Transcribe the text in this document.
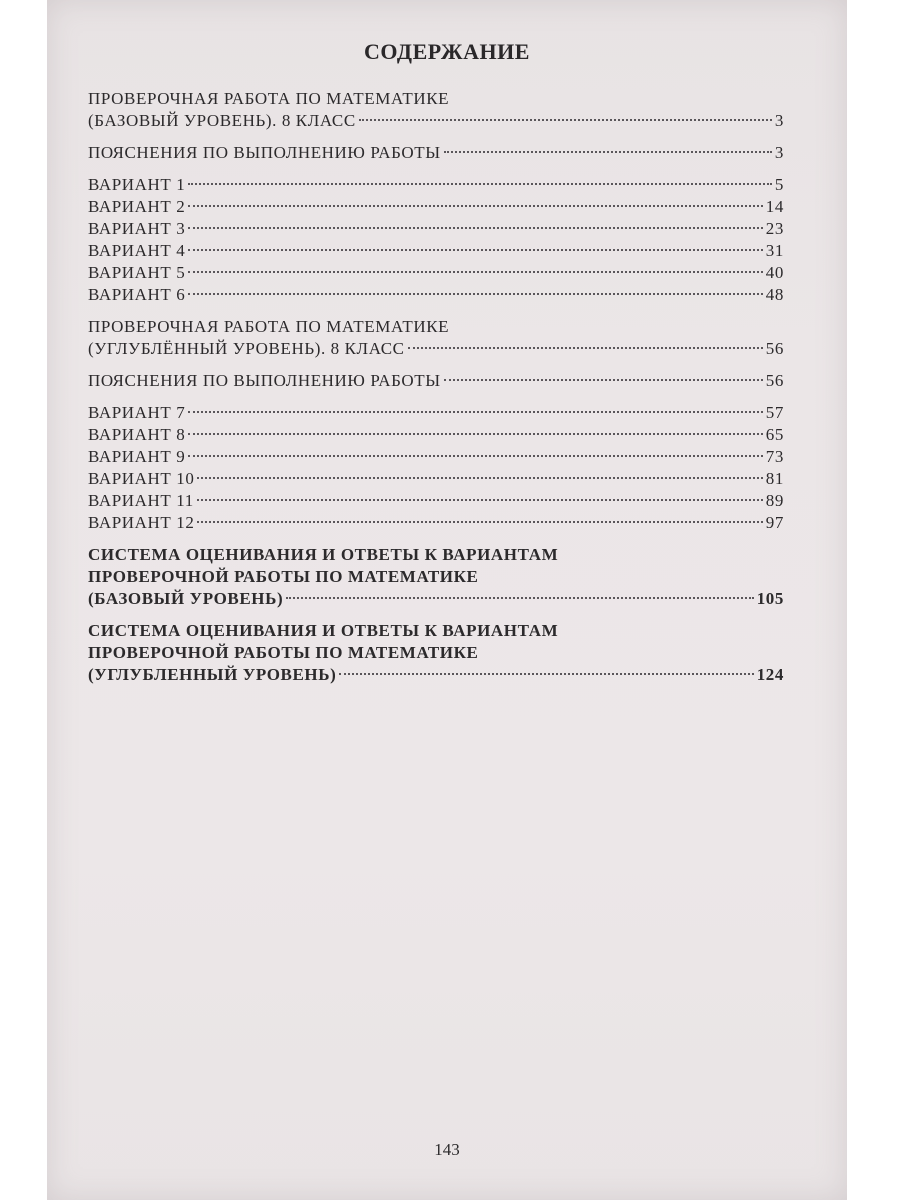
СОДЕРЖАНИЕ
ПРОВЕРОЧНАЯ РАБОТА ПО МАТЕМАТИКЕ
(БАЗОВЫЙ УРОВЕНЬ). 8 КЛАСС	3
ПОЯСНЕНИЯ ПО ВЫПОЛНЕНИЮ РАБОТЫ	3
ВАРИАНТ 1	5
ВАРИАНТ 2	14
ВАРИАНТ 3	23
ВАРИАНТ 4	31
ВАРИАНТ 5	40
ВАРИАНТ 6	48
ПРОВЕРОЧНАЯ РАБОТА ПО МАТЕМАТИКЕ
(УГЛУБЛЁННЫЙ УРОВЕНЬ). 8 КЛАСС	56
ПОЯСНЕНИЯ ПО ВЫПОЛНЕНИЮ РАБОТЫ	56
ВАРИАНТ 7	57
ВАРИАНТ 8	65
ВАРИАНТ 9	73
ВАРИАНТ 10	81
ВАРИАНТ 11	89
ВАРИАНТ 12	97
СИСТЕМА ОЦЕНИВАНИЯ И ОТВЕТЫ К ВАРИАНТАМ
ПРОВЕРОЧНОЙ РАБОТЫ ПО МАТЕМАТИКЕ
(БАЗОВЫЙ УРОВЕНЬ)	105
СИСТЕМА ОЦЕНИВАНИЯ И ОТВЕТЫ К ВАРИАНТАМ
ПРОВЕРОЧНОЙ РАБОТЫ ПО МАТЕМАТИКЕ
(УГЛУБЛЕННЫЙ УРОВЕНЬ)	124
143
